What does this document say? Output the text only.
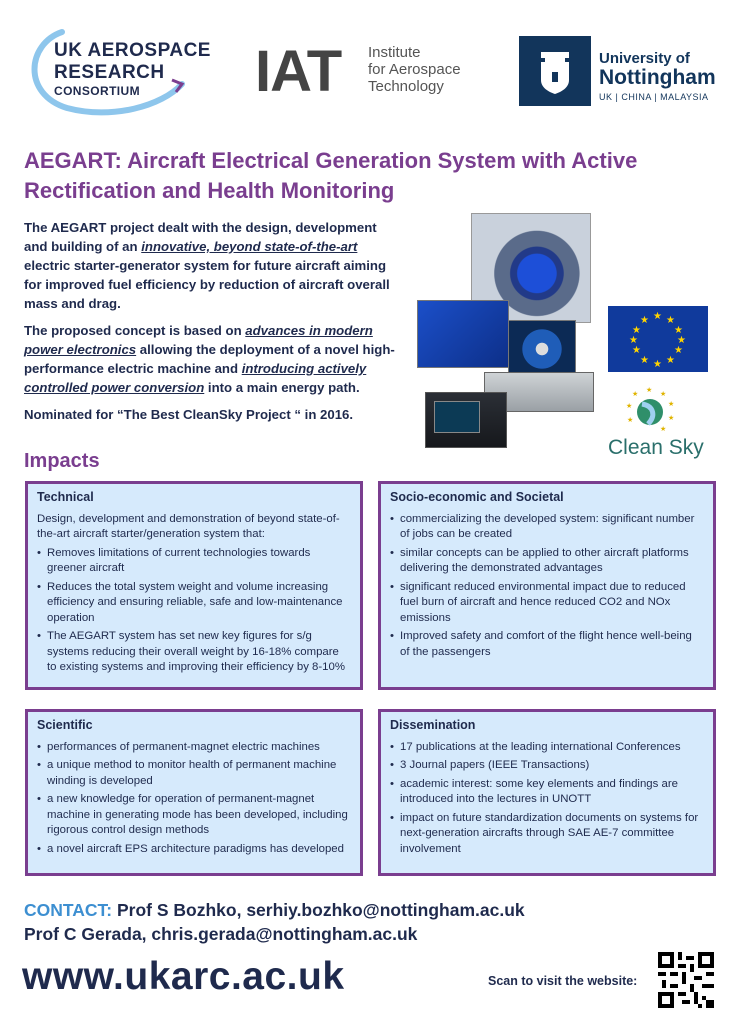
UK AEROSPACE
RESEARCH
CONSORTIUM IAT Institute
for Aerospace
Technology
University of
Nottingham
UK | CHINA | MALAYSIA
AEGART: Aircraft Electrical Generation System with Active
Rectification and Health Monitoring

The AEGART project dealt with the design, development and building of an innovative, beyond state-of-the-art electric starter-generator system for future aircraft aiming for improved fuel efficiency by reduction of aircraft overall mass and drag.

The proposed concept is based on advances in modern power electronics allowing the deployment of a novel high-performance electric machine and introducing actively controlled power conversion into a main energy path.

Nominated for “The Best CleanSky Project “ in 2016.

★ ★
★
★
★
★
★
★
★
★
★
★
★ ★
★
★
★
★
★
★
Clean Sky
Impacts
Technical
Design, development and demonstration of beyond state-of-the-art aircraft starter/generation system that:
• Removes limitations of current technologies towards greener aircraft
• Reduces the total system weight and volume increasing efficiency and ensuring reliable, safe and low-maintenance operation
• The AEGART system has set new key figures for s/g systems reducing their overall weight by 16-18% compare to existing systems and improving their efficiency by 8-10%
Socio-economic and Societal
• commercializing the developed system: significant number of jobs can be created
• similar concepts can be applied to other aircraft platforms delivering the demonstrated advantages
• significant reduced environmental impact due to reduced fuel burn of aircraft and hence reduced CO2 and NOx emissions
• Improved safety and comfort of the flight hence well-being of the passengers
Scientific
• performances of permanent-magnet electric machines
• a unique method to monitor health of permanent machine winding is developed
• a new knowledge for operation of permanent-magnet machine in generating mode has been developed, including rigorous control design methods
• a novel aircraft EPS architecture paradigms has developed
Dissemination
• 17 publications at the leading international Conferences
• 3 Journal papers (IEEE Transactions)
• academic interest: some key elements and findings are introduced into the lectures in UNOTT
• impact on future standardization documents on systems for next-generation aircrafts through SAE AE-7 committee involvement
CONTACT: Prof S Bozhko, serhiy.bozhko@nottingham.ac.uk
Prof C Gerada, chris.gerada@nottingham.ac.uk
www.ukarc.ac.uk	Scan to visit the website:
